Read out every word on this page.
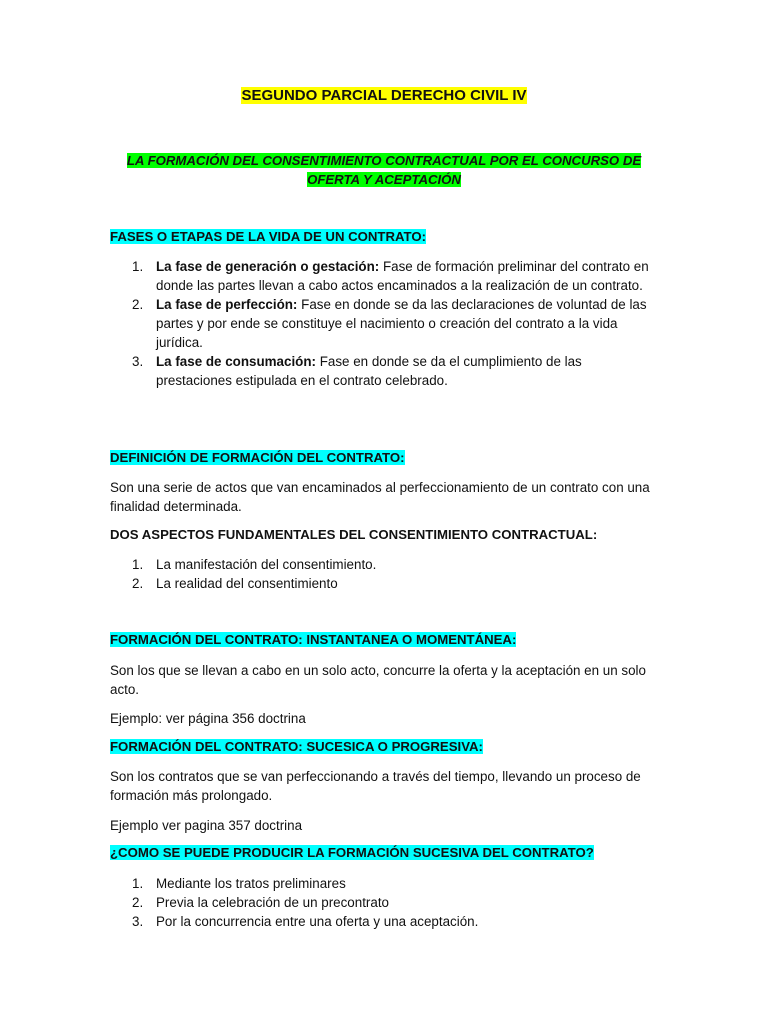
SEGUNDO PARCIAL DERECHO CIVIL IV
LA FORMACIÓN DEL CONSENTIMIENTO CONTRACTUAL POR EL CONCURSO DE OFERTA Y ACEPTACIÓN
FASES O ETAPAS DE LA VIDA DE UN CONTRATO:
1. La fase de generación o gestación: Fase de formación preliminar del contrato en donde las partes llevan a cabo actos encaminados a la realización de un contrato.
2. La fase de perfección: Fase en donde se da las declaraciones de voluntad de las partes y por ende se constituye el nacimiento o creación del contrato a la vida jurídica.
3. La fase de consumación: Fase en donde se da el cumplimiento de las prestaciones estipulada en el contrato celebrado.
DEFINICIÓN DE FORMACIÓN DEL CONTRATO:
Son una serie de actos que van encaminados al perfeccionamiento de un contrato con una finalidad determinada.
DOS ASPECTOS FUNDAMENTALES DEL CONSENTIMIENTO CONTRACTUAL:
1. La manifestación del consentimiento.
2. La realidad del consentimiento
FORMACIÓN DEL CONTRATO: INSTANTANEA O MOMENTÁNEA:
Son los que se llevan a cabo en un solo acto, concurre la oferta y la aceptación en un solo acto.
Ejemplo: ver página 356 doctrina
FORMACIÓN DEL CONTRATO: SUCESICA O PROGRESIVA:
Son los contratos que se van perfeccionando a través del tiempo, llevando un proceso de formación más prolongado.
Ejemplo ver pagina 357 doctrina
¿COMO SE PUEDE PRODUCIR LA FORMACIÓN SUCESIVA DEL CONTRATO?
1. Mediante los tratos preliminares
2. Previa la celebración de un precontrato
3. Por la concurrencia entre una oferta y una aceptación.
